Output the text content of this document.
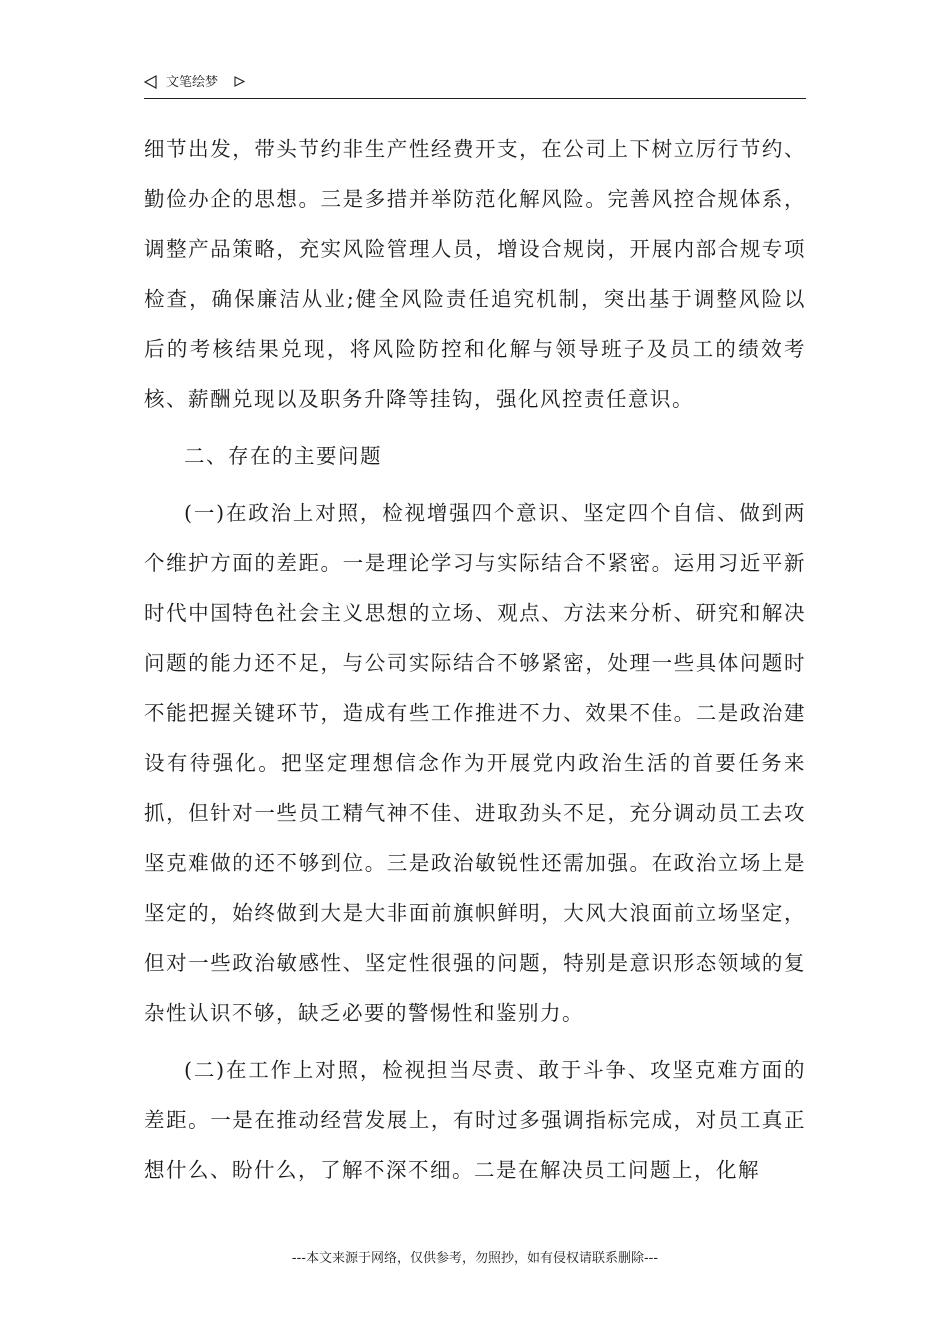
文笔绘梦

细节出发，带头节约非生产性经费开支，在公司上下树立厉行节约、勤俭办企的思想。三是多措并举防范化解风险。完善风控合规体系，调整产品策略，充实风险管理人员，增设合规岗，开展内部合规专项检查，确保廉洁从业;健全风险责任追究机制，突出基于调整风险以后的考核结果兑现，将风险防控和化解与领导班子及员工的绩效考核、薪酬兑现以及职务升降等挂钩，强化风控责任意识。

二、存在的主要问题

(一)在政治上对照，检视增强四个意识、坚定四个自信、做到两个维护方面的差距。一是理论学习与实际结合不紧密。运用习近平新时代中国特色社会主义思想的立场、观点、方法来分析、研究和解决问题的能力还不足，与公司实际结合不够紧密，处理一些具体问题时不能把握关键环节，造成有些工作推进不力、效果不佳。二是政治建设有待强化。把坚定理想信念作为开展党内政治生活的首要任务来抓，但针对一些员工精气神不佳、进取劲头不足，充分调动员工去攻坚克难做的还不够到位。三是政治敏锐性还需加强。在政治立场上是坚定的，始终做到大是大非面前旗帜鲜明，大风大浪面前立场坚定，但对一些政治敏感性、坚定性很强的问题，特别是意识形态领域的复杂性认识不够，缺乏必要的警惕性和鉴别力。

(二)在工作上对照，检视担当尽责、敢于斗争、攻坚克难方面的差距。一是在推动经营发展上，有时过多强调指标完成，对员工真正想什么、盼什么，了解不深不细。二是在解决员工问题上，化解

---本文来源于网络，仅供参考，勿照抄，如有侵权请联系删除---
